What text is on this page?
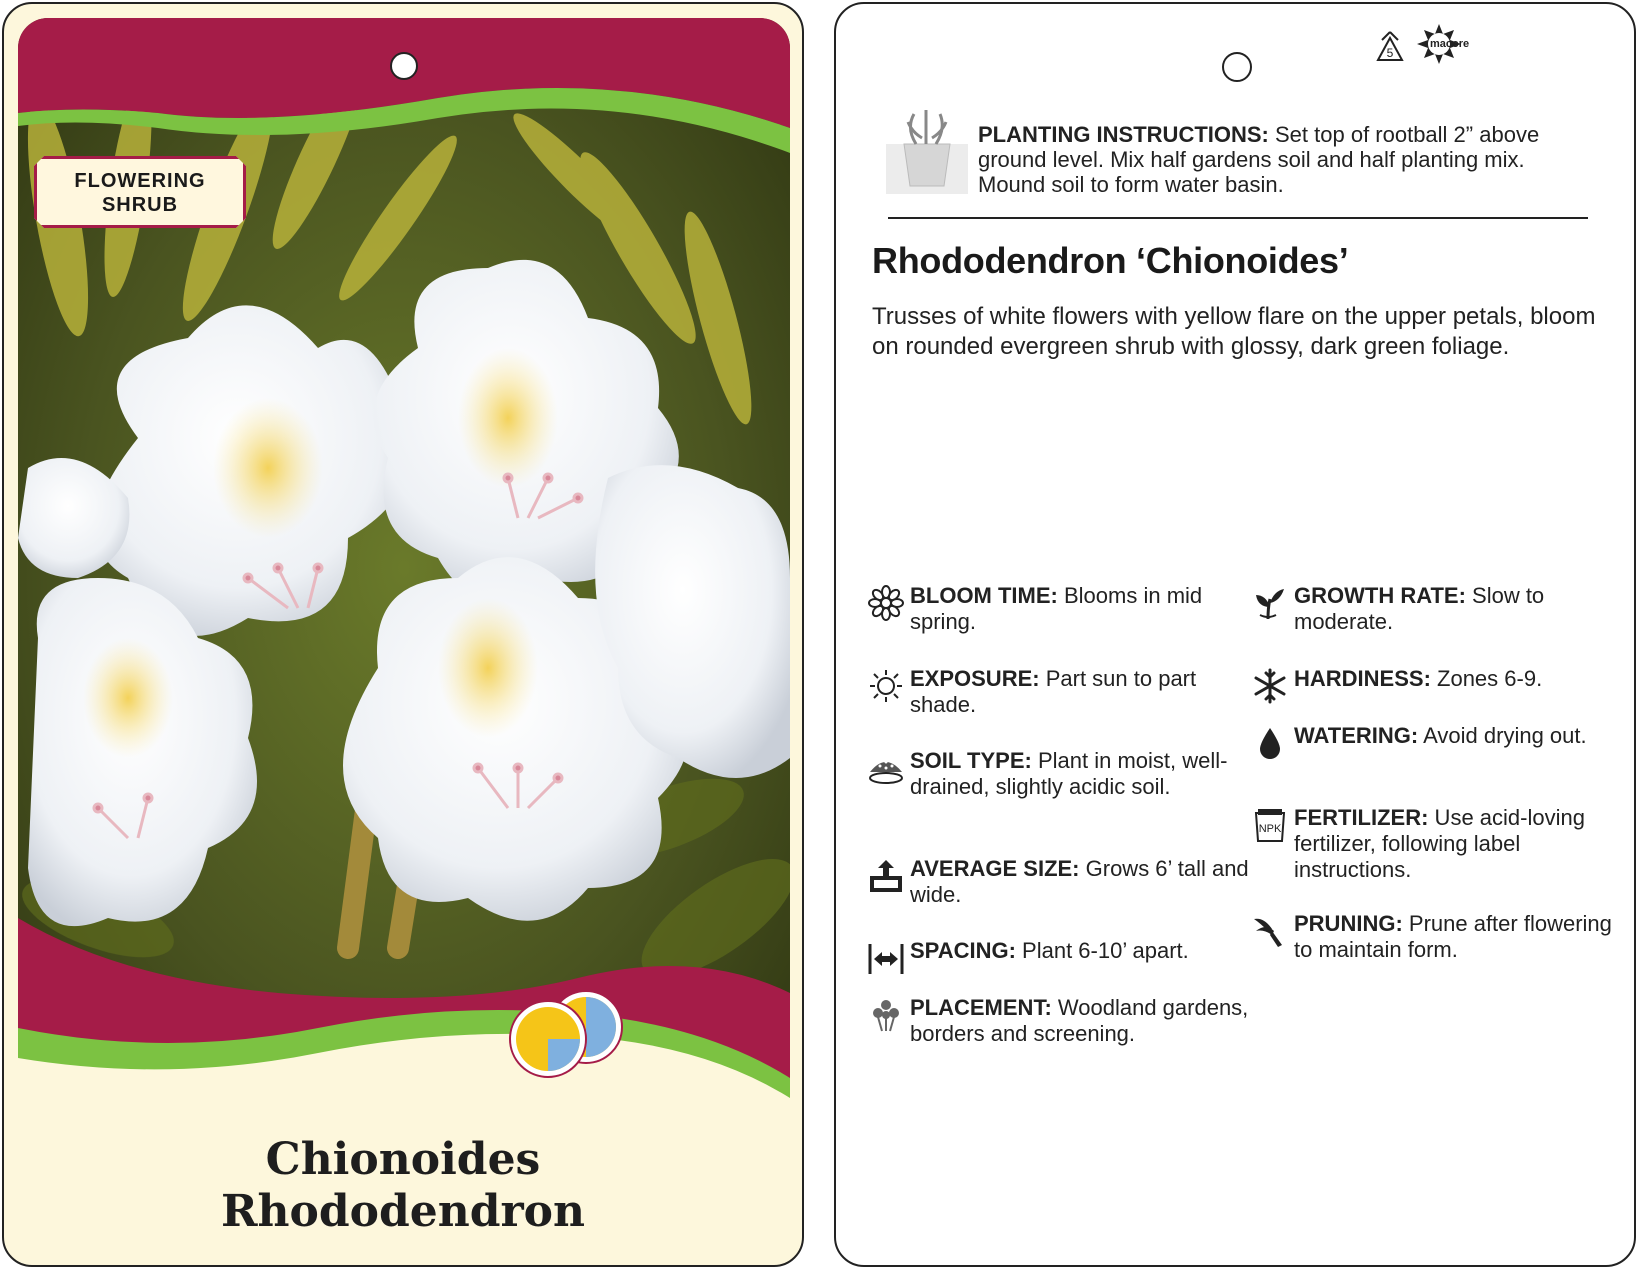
FLOWERING
SHRUB
Chionoides
Rhododendron
5
macore
PLANTING INSTRUCTIONS: Set top of rootball 2” above ground level. Mix half gardens soil and half planting mix. Mound soil to form water basin.
Rhododendron ‘Chionoides’
Trusses of white flowers with yellow flare on the upper petals, bloom on rounded evergreen shrub with glossy, dark green foliage.
BLOOM TIME: Blooms in mid spring.
EXPOSURE: Part sun to part shade.
SOIL TYPE: Plant in moist, well-drained, slightly acidic soil.
AVERAGE SIZE: Grows 6’ tall and wide.
SPACING: Plant 6-10’ apart.
PLACEMENT: Woodland gardens, borders and screening.
GROWTH RATE: Slow to moderate.
HARDINESS: Zones 6-9.
WATERING: Avoid drying out.
NPK FERTILIZER: Use acid-loving fertilizer, following label instructions.
PRUNING: Prune after flowering to maintain form.
